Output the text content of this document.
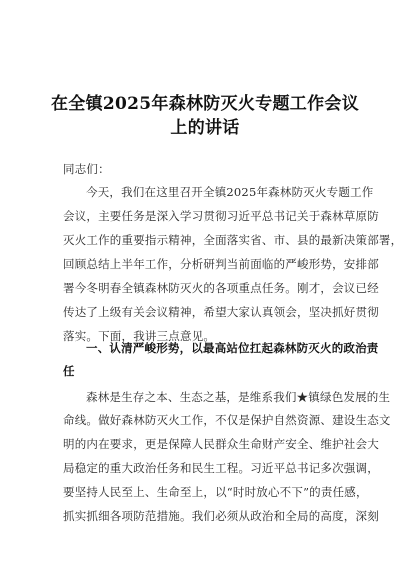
在全镇2025年森林防灭火专题工作会议
上的讲话
同志们：
今天，我们在这里召开全镇2025年森林防灭火专题工作
会议，主要任务是深入学习贯彻习近平总书记关于森林草原防
灭火工作的重要指示精神，全面落实省、市、县的最新决策部署，
回顾总结上半年工作，分析研判当前面临的严峻形势，安排部
署今冬明春全镇森林防灭火的各项重点任务。刚才，会议已经
传达了上级有关会议精神，希望大家认真领会，坚决抓好贯彻
落实。下面，我讲三点意见。
一、认清严峻形势，以最高站位扛起森林防灭火的政治责
任
森林是生存之本、生态之基，是维系我们★镇绿色发展的生
命线。做好森林防灭火工作，不仅是保护自然资源、建设生态文
明的内在要求，更是保障人民群众生命财产安全、维护社会大
局稳定的重大政治任务和民生工程。习近平总书记多次强调，
要坚持人民至上、生命至上，以“时时放心不下”的责任感，
抓实抓细各项防范措施。我们必须从政治和全局的高度，深刻
